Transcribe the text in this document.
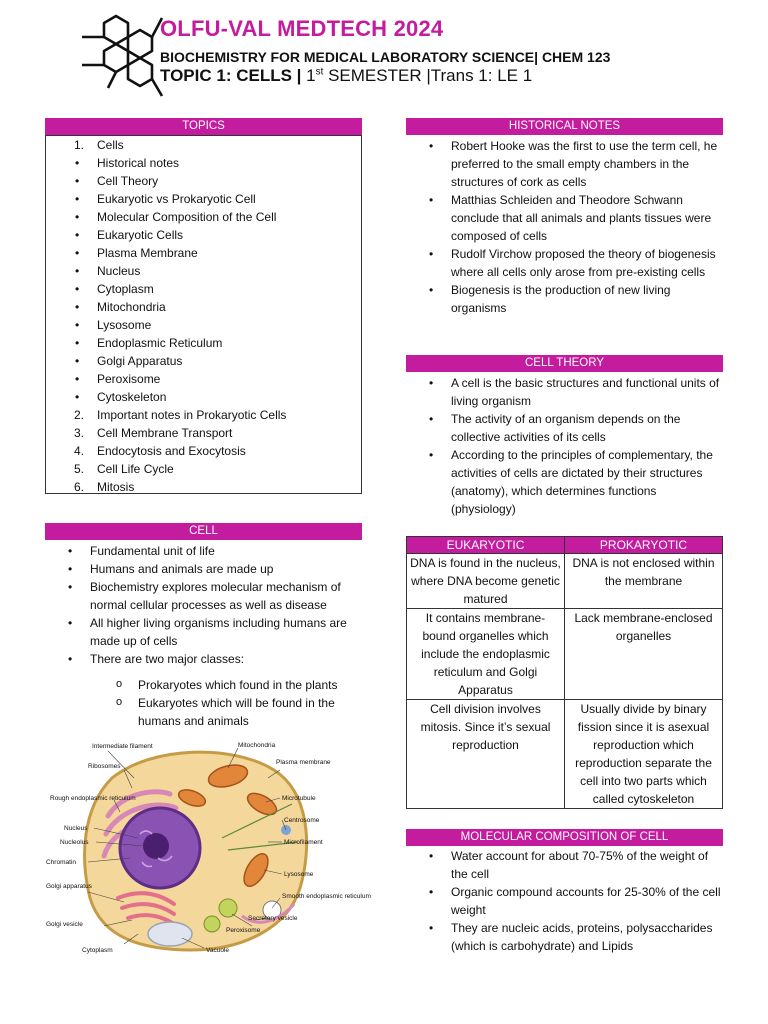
OLFU-VAL MEDTECH 2024
BIOCHEMISTRY FOR MEDICAL LABORATORY SCIENCE| CHEM 123
TOPIC 1: CELLS | 1st SEMESTER |Trans 1: LE 1
TOPICS
1. Cells
• Historical notes
• Cell Theory
• Eukaryotic vs Prokaryotic Cell
• Molecular Composition of the Cell
• Eukaryotic Cells
• Plasma Membrane
• Nucleus
• Cytoplasm
• Mitochondria
• Lysosome
• Endoplasmic Reticulum
• Golgi Apparatus
• Peroxisome
• Cytoskeleton
2. Important notes in Prokaryotic Cells
3. Cell Membrane Transport
4. Endocytosis and Exocytosis
5. Cell Life Cycle
6. Mitosis
CELL
• Fundamental unit of life
• Humans and animals are made up
• Biochemistry explores molecular mechanism of normal cellular processes as well as disease
• All higher living organisms including humans are made up of cells
• There are two major classes:
o Prokaryotes which found in the plants
o Eukaryotes which will be found in the humans and animals
Intermediate filament
Ribosomes
Rough endoplasmic reticulum
Nucleus
Nucleolus
Chromatin
Golgi apparatus
Golgi vesicle
Cytoplasm	Vacuole
Mitochondria
Plasma membrane
Microtubule
Centrosome
Microfilament
Lysosome
Smooth endoplasmic reticulum
Secretory vesicle
Peroxisome
HISTORICAL NOTES
• Robert Hooke was the first to use the term cell, he preferred to the small empty chambers in the structures of cork as cells
• Matthias Schleiden and Theodore Schwann conclude that all animals and plants tissues were composed of cells
• Rudolf Virchow proposed the theory of biogenesis where all cells only arose from pre-existing cells
• Biogenesis is the production of new living organisms
CELL THEORY
• A cell is the basic structures and functional units of living organism
• The activity of an organism depends on the collective activities of its cells
• According to the principles of complementary, the activities of cells are dictated by their structures (anatomy), which determines functions (physiology)
EUKARYOTIC	PROKARYOTIC
DNA is found in the nucleus, where DNA become genetic matured	DNA is not enclosed within the membrane
It contains membrane-bound organelles which include the endoplasmic reticulum and Golgi Apparatus	Lack membrane-enclosed organelles
Cell division involves mitosis. Since it’s sexual reproduction	Usually divide by binary fission since it is asexual reproduction which reproduction separate the cell into two parts which called cytoskeleton
MOLECULAR COMPOSITION OF CELL
• Water account for about 70-75% of the weight of the cell
• Organic compound accounts for 25-30% of the cell weight
• They are nucleic acids, proteins, polysaccharides (which is carbohydrate) and Lipids
